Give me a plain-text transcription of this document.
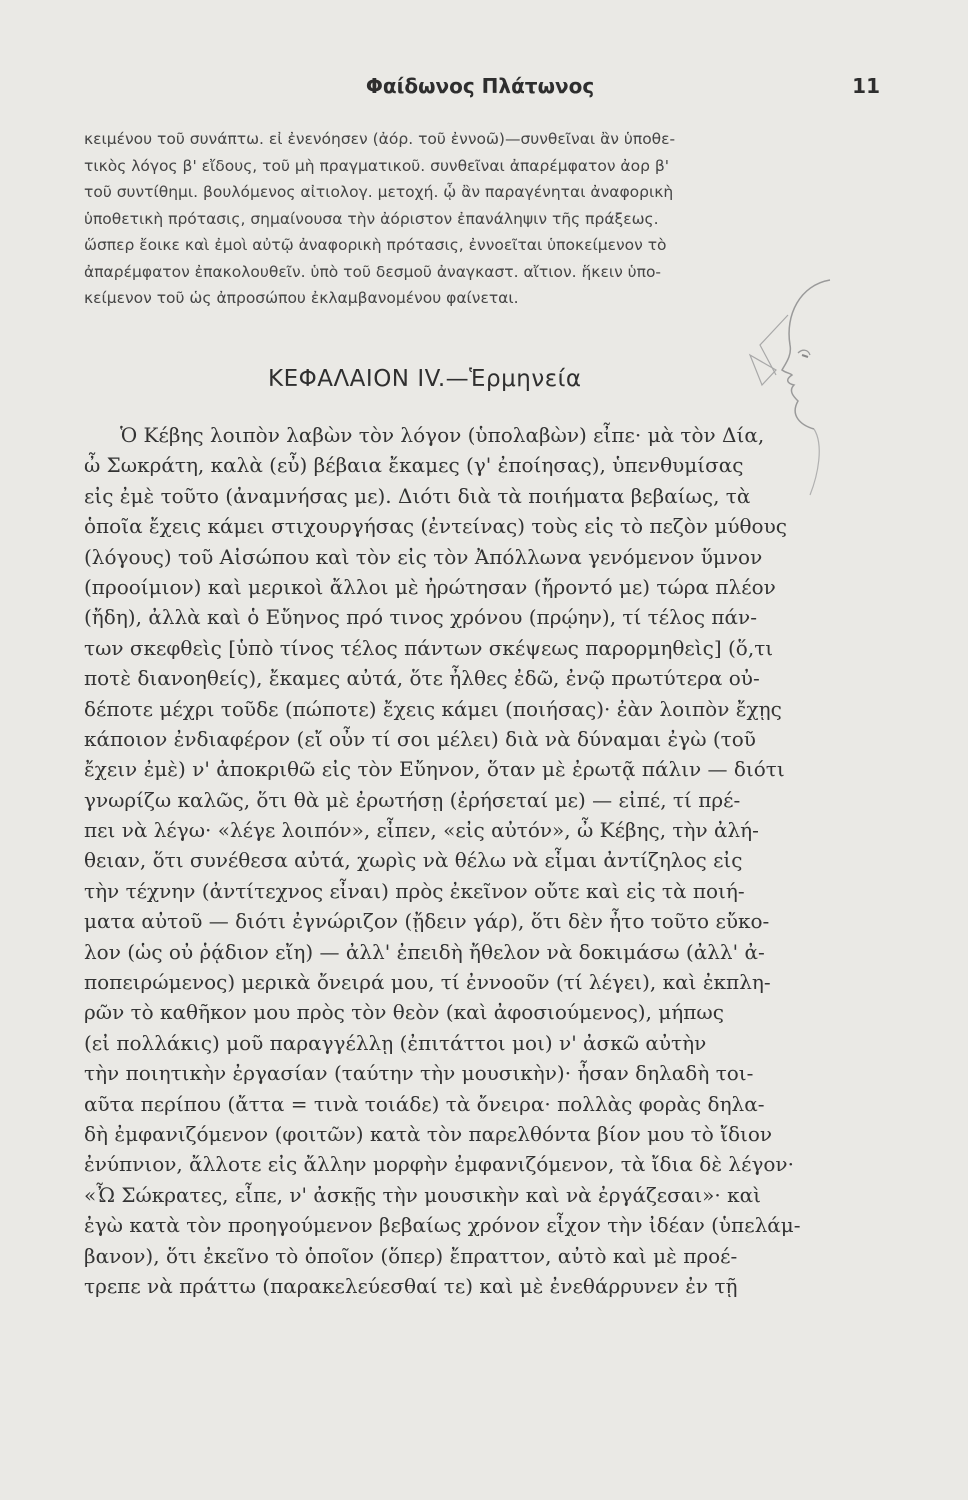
Φαίδωνος Πλάτωνος	11
κειμένου τοῦ συνάπτω. εἰ ἐνενόησεν (ἀόρ. τοῦ ἐννοῶ)—συνθεῖναι ἂν ὑποθε-
τικὸς λόγος β' εἴδους, τοῦ μὴ πραγματικοῦ. συνθεῖναι ἀπαρέμφατον ἀορ β'
τοῦ συντίθημι. βουλόμενος αἰτιολογ. μετοχή. ᾧ ἂν παραγένηται ἀναφορικὴ
ὑποθετικὴ πρότασις, σημαίνουσα τὴν ἀόριστον ἐπανάληψιν τῆς πράξεως.
ὥσπερ ἔοικε καὶ ἐμοὶ αὐτῷ ἀναφορικὴ πρότασις, ἐννοεῖται ὑποκείμενον τὸ
ἀπαρέμφατον ἐπακολουθεῖν. ὑπὸ τοῦ δεσμοῦ ἀναγκαστ. αἴτιον. ἥκειν ὑπο-
κείμενον τοῦ ὡς ἀπροσώπου ἐκλαμβανομένου φαίνεται.
ΚΕΦΑΛΑΙΟΝ IV.—Ἑρμηνεία
Ὁ Κέβης λοιπὸν λαβὼν τὸν λόγον (ὑπολαβὼν) εἶπε· μὰ τὸν Δία,
ὦ Σωκράτη, καλὰ (εὖ) βέβαια ἔκαμες (γ' ἐποίησας), ὑπενθυμίσας
εἰς ἐμὲ τοῦτο (ἀναμνήσας με). Διότι διὰ τὰ ποιήματα βεβαίως, τὰ
ὁποῖα ἔχεις κάμει στιχουργήσας (ἐντείνας) τοὺς εἰς τὸ πεζὸν μύθους
(λόγους) τοῦ Αἰσώπου καὶ τὸν εἰς τὸν Ἀπόλλωνα γενόμενον ὕμνον
(προοίμιον) καὶ μερικοὶ ἄλλοι μὲ ἠρώτησαν (ἤροντό με) τώρα πλέον
(ἤδη), ἀλλὰ καὶ ὁ Εὔηνος πρό τινος χρόνου (πρῴην), τί τέλος πάν-
των σκεφθεὶς [ὑπὸ τίνος τέλος πάντων σκέψεως παρορμηθεὶς] (ὅ,τι
ποτὲ διανοηθείς), ἔκαμες αὐτά, ὅτε ἦλθες ἐδῶ, ἐνῷ πρωτύτερα οὐ-
δέποτε μέχρι τοῦδε (πώποτε) ἔχεις κάμει (ποιήσας)· ἐὰν λοιπὸν ἔχῃς
κάποιον ἐνδιαφέρον (εἴ οὖν τί σοι μέλει) διὰ νὰ δύναμαι ἐγὼ (τοῦ
ἔχειν ἐμὲ) ν' ἀποκριθῶ εἰς τὸν Εὔηνον, ὅταν μὲ ἐρωτᾷ πάλιν — διότι
γνωρίζω καλῶς, ὅτι θὰ μὲ ἐρωτήσῃ (ἐρήσεταί με) — εἰπέ, τί πρέ-
πει νὰ λέγω· «λέγε λοιπόν», εἶπεν, «εἰς αὐτόν», ὦ Κέβης, τὴν ἀλή-
θειαν, ὅτι συνέθεσα αὐτά, χωρὶς νὰ θέλω νὰ εἶμαι ἀντίζηλος εἰς
τὴν τέχνην (ἀντίτεχνος εἶναι) πρὸς ἐκεῖνον οὔτε καὶ εἰς τὰ ποιή-
ματα αὐτοῦ — διότι ἐγνώριζον (ᾔδειν γάρ), ὅτι δὲν ἦτο τοῦτο εὔκο-
λον (ὡς οὐ ῥᾴδιον εἴη) — ἀλλ' ἐπειδὴ ἤθελον νὰ δοκιμάσω (ἀλλ' ἀ-
ποπειρώμενος) μερικὰ ὄνειρά μου, τί ἐννοοῦν (τί λέγει), καὶ ἐκπλη-
ρῶν τὸ καθῆκον μου πρὸς τὸν θεὸν (καὶ ἀφοσιούμενος), μήπως
(εἰ πολλάκις) μοῦ παραγγέλλῃ (ἐπιτάττοι μοι) ν' ἀσκῶ αὐτὴν
τὴν ποιητικὴν ἐργασίαν (ταύτην τὴν μουσικὴν)· ἦσαν δηλαδὴ τοι-
αῦτα περίπου (ἄττα = τινὰ τοιάδε) τὰ ὄνειρα· πολλὰς φορὰς δηλα-
δὴ ἐμφανιζόμενον (φοιτῶν) κατὰ τὸν παρελθόντα βίον μου τὸ ἴδιον
ἐνύπνιον, ἄλλοτε εἰς ἄλλην μορφὴν ἐμφανιζόμενον, τὰ ἴδια δὲ λέγον·
«Ὦ Σώκρατες, εἶπε, ν' ἀσκῇς τὴν μουσικὴν καὶ νὰ ἐργάζεσαι»· καὶ
ἐγὼ κατὰ τὸν προηγούμενον βεβαίως χρόνον εἶχον τὴν ἰδέαν (ὑπελάμ-
βανον), ὅτι ἐκεῖνο τὸ ὁποῖον (ὅπερ) ἔπραττον, αὐτὸ καὶ μὲ προέ-
τρεπε νὰ πράττω (παρακελεύεσθαί τε) καὶ μὲ ἐνεθάρρυνεν ἐν τῇ
